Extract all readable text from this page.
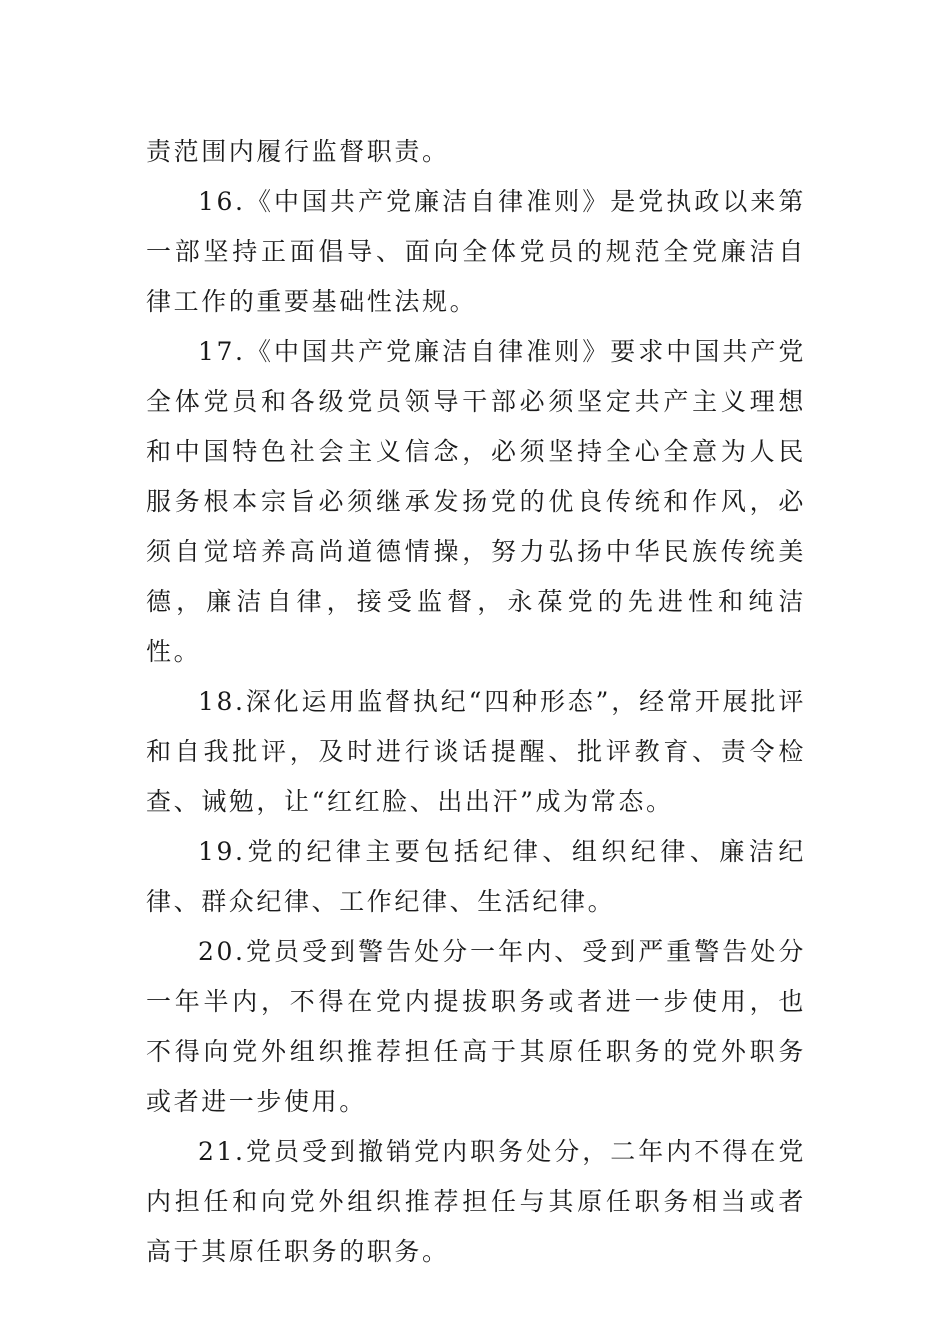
责范围内履行监督职责。

16.《中国共产党廉洁自律准则》是党执政以来第一部坚持正面倡导、面向全体党员的规范全党廉洁自律工作的重要基础性法规。

17.《中国共产党廉洁自律准则》要求中国共产党全体党员和各级党员领导干部必须坚定共产主义理想和中国特色社会主义信念，必须坚持全心全意为人民服务根本宗旨必须继承发扬党的优良传统和作风，必须自觉培养高尚道德情操，努力弘扬中华民族传统美德，廉洁自律，接受监督，永葆党的先进性和纯洁性。

18.深化运用监督执纪“四种形态”，经常开展批评和自我批评，及时进行谈话提醒、批评教育、责令检查、诫勉，让“红红脸、出出汗”成为常态。

19.党的纪律主要包括纪律、组织纪律、廉洁纪律、群众纪律、工作纪律、生活纪律。

20.党员受到警告处分一年内、受到严重警告处分一年半内，不得在党内提拔职务或者进一步使用，也不得向党外组织推荐担任高于其原任职务的党外职务或者进一步使用。

21.党员受到撤销党内职务处分，二年内不得在党内担任和向党外组织推荐担任与其原任职务相当或者高于其原任职务的职务。
